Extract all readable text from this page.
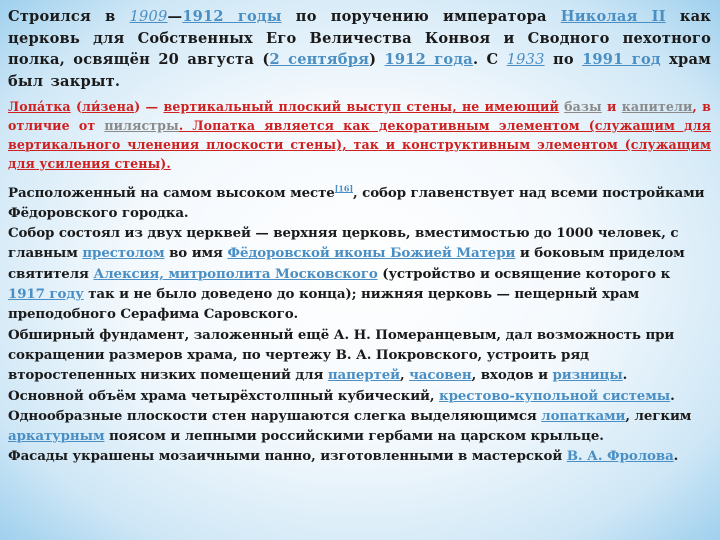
Строился в 1909—1912 годы по поручению императора Николая II как церковь для Собственных Его Величества Конвоя и Сводного пехотного полка, освящён 20 августа (2 сентября) 1912 года. С 1933 по 1991 год храм был закрыт.

Лопа́тка (ли́зена) — вертикальный плоский выступ стены, не имеющий базы и капители, в отличие от пилястры. Лопатка является как декоративным элементом (служащим для вертикального членения плоскости стены), так и конструктивным элементом (служащим для усиления стены).

Расположенный на самом высоком месте[16], собор главенствует над всеми постройками Фёдоровского городка.

Собор состоял из двух церквей — верхняя церковь, вместимостью до 1000 человек, с главным престолом во имя Фёдоровской иконы Божией Матери и боковым приделом святителя Алексия, митрополита Московского (устройство и освящение которого к 1917 году так и не было доведено до конца); нижняя церковь — пещерный храм преподобного Серафима Саровского.

Обширный фундамент, заложенный ещё А. Н. Померанцевым, дал возможность при сокращении размеров храма, по чертежу В. А. Покровского, устроить ряд второстепенных низких помещений для папертей, часовен, входов и ризницы.

Основной объём храма четырёхстолпный кубический, крестово-купольной системы.

Однообразные плоскости стен нарушаются слегка выделяющимся лопатками, легким аркатурным поясом и лепными российскими гербами на царском крыльце.

Фасады украшены мозаичными панно, изготовленными в мастерской В. А. Фролова.
